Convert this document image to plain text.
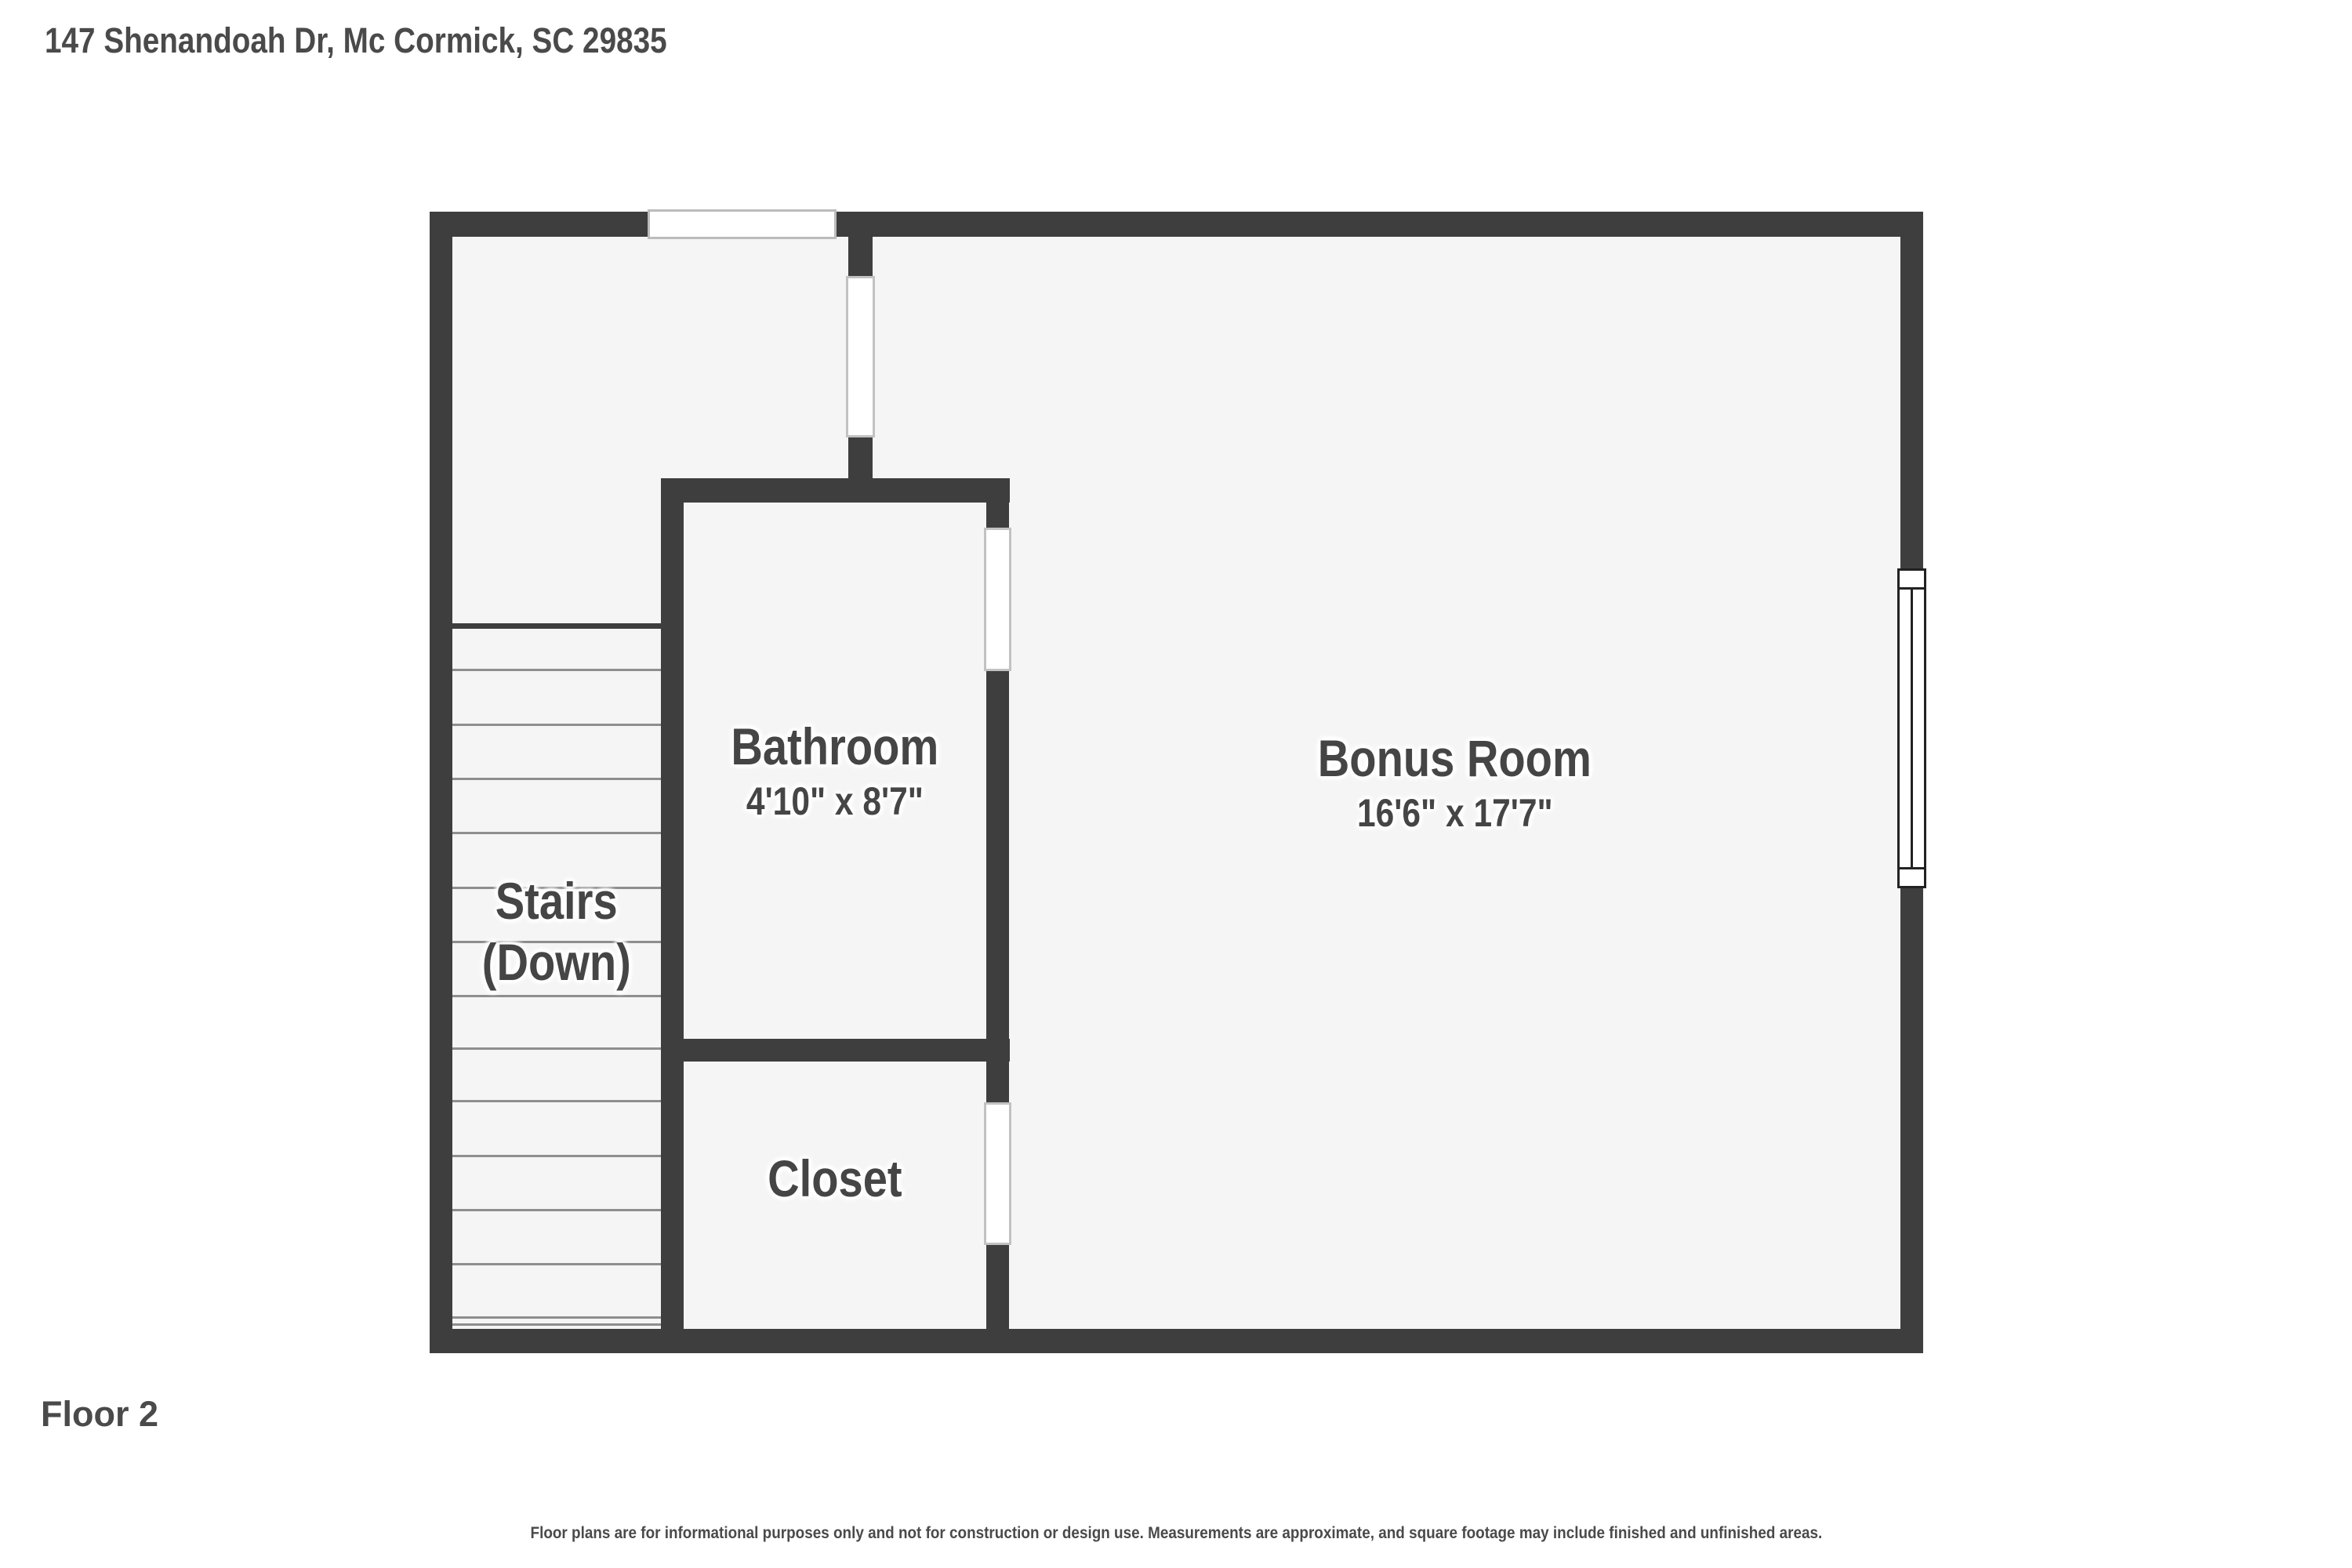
147 Shenandoah Dr, Mc Cormick, SC 29835
Bathroom
4'10" x 8'7"
Bonus Room
16'6" x 17'7"
Closet
Stairs
(Down)
Floor 2
Floor plans are for informational purposes only and not for construction or design use. Measurements are approximate, and square footage may include finished and unfinished areas.
